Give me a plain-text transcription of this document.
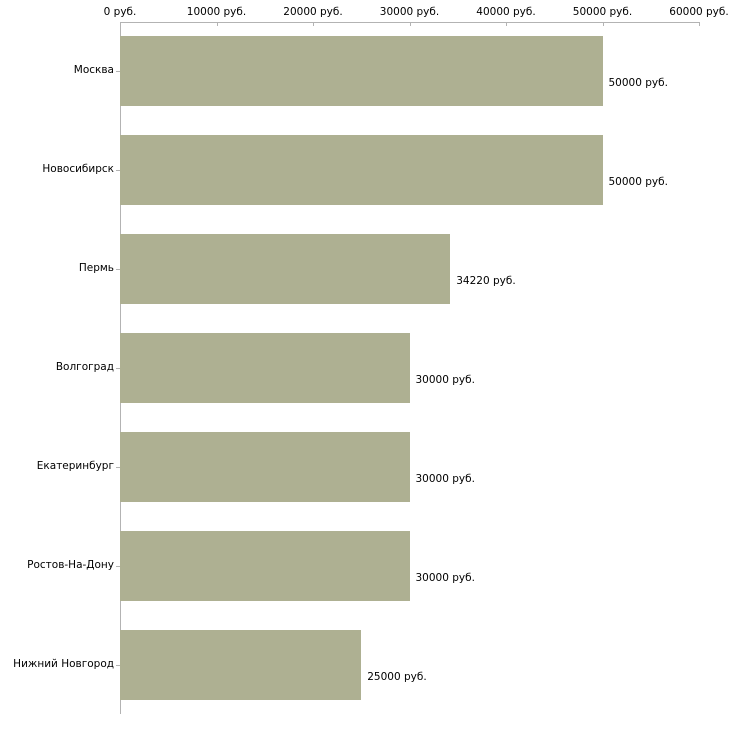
0 руб.	10000 руб.	20000 руб.	30000 руб.	40000 руб.	50000 руб.	60000 руб.
Москва
Новосибирск
Пермь
Волгоград
Екатеринбург
Ростов-На-Дону
Нижний Новгород
50000 руб.
50000 руб.
34220 руб.
30000 руб.
30000 руб.
30000 руб.
25000 руб.
